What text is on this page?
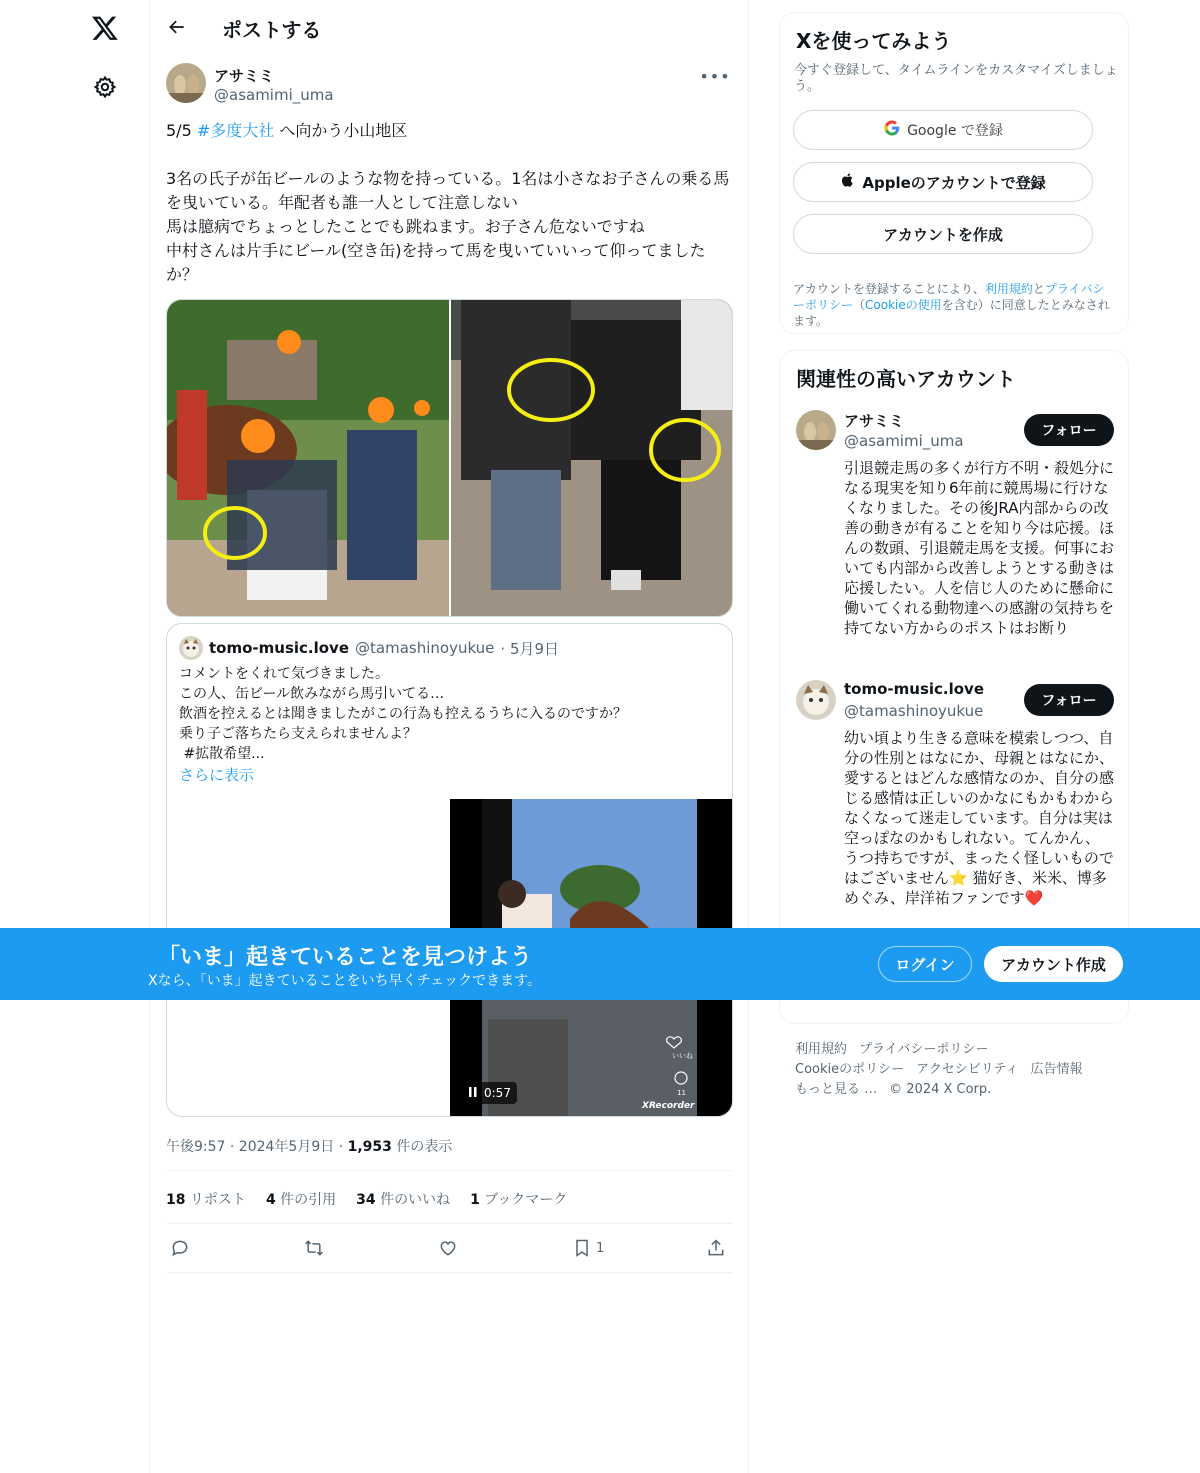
ポストする
アサミミ
@asamimi_uma
•••
5/5 #多度大社 へ向かう小山地区

3名の氏子が缶ビールのような物を持っている。1名は小さなお子さんの乗る馬を曳いている。年配者も誰一人として注意しない
馬は臆病でちょっとしたことでも跳ねます。お子さん危ないですね
中村さんは片手にビール(空き缶)を持って馬を曳いていいって仰ってましたか？
tomo-music.love @tamashinoyukue · 5月9日
コメントをくれて気づきました。
この人、缶ビール飲みながら馬引いてる…
飲酒を控えるとは聞きましたがこの行為も控えるうちに入るのですか？
乗り子ご落ちたら支えられませんよ？
#拡散希望...
さらに表示
いいね
11
XRecorder
0:57
午後9:57 · 2024年5月9日 · 1,953 件の表示
18 リポスト 4 件の引用 34 件のいいね 1 ブックマーク
1
Xを使ってみよう
今すぐ登録して、タイムラインをカスタマイズしましょう。
Google で登録
Appleのアカウントで登録
アカウントを作成
アカウントを登録することにより、利用規約とプライバシーポリシー（Cookieの使用を含む）に同意したとみなされます。
関連性の高いアカウント
アサミミ
@asamimi_uma
フォロー
引退競走馬の多くが行方不明・殺処分になる現実を知り6年前に競馬場に行けなくなりました。その後JRA内部からの改善の動きが有ることを知り今は応援。ほんの数頭、引退競走馬を支援。何事においても内部から改善しようとする動きは応援したい。人を信じ人のために懸命に働いてくれる動物達への感謝の気持ちを持てない方からのポストはお断り
tomo-music.love
@tamashinoyukue
フォロー
幼い頃より生きる意味を模索しつつ、自分の性別とはなにか、母親とはなにか、愛するとはどんな感情なのか、自分の感じる感情は正しいのかなにもかもわからなくなって迷走しています。自分は実は空っぽなのかもしれない。てんかん、うつ持ちですが、まったく怪しいものではございません⭐ 猫好き、米米、博多めぐみ、岸洋祐ファンです❤️
利用規約 プライバシーポリシー
Cookieのポリシー アクセシビリティ 広告情報
もっと見る … © 2024 X Corp.
「いま」起きていることを見つけよう
Xなら、「いま」起きていることをいち早くチェックできます。
ログイン	アカウント作成
